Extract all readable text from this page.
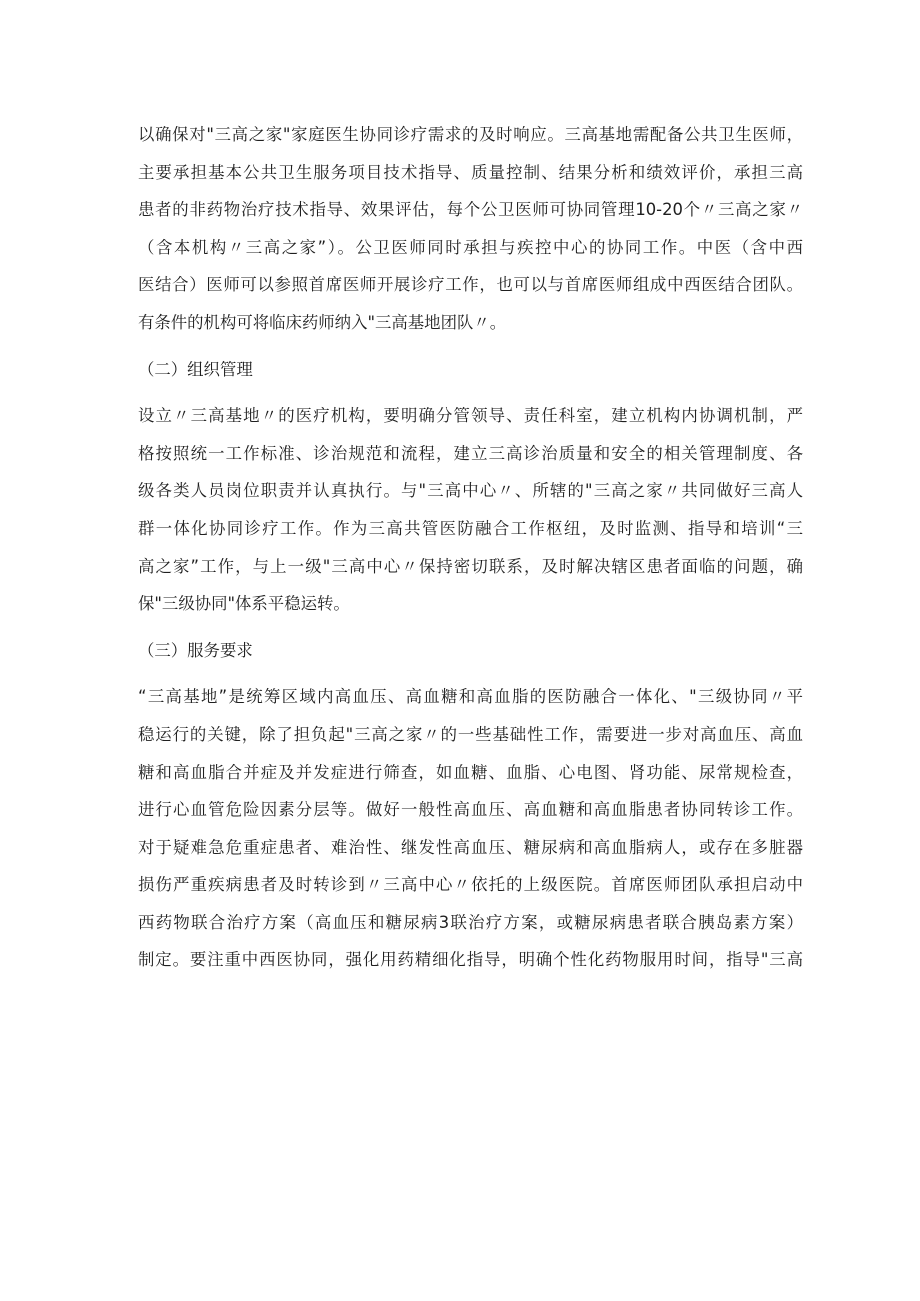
以确保对"三高之家"家庭医生协同诊疗需求的及时响应。三高基地需配备公共卫生医师，
主要承担基本公共卫生服务项目技术指导、质量控制、结果分析和绩效评价，承担三高
患者的非药物治疗技术指导、效果评估，每个公卫医师可协同管理10-20个〃三高之家〃
（含本机构〃三高之家”）。公卫医师同时承担与疾控中心的协同工作。中医（含中西
医结合）医师可以参照首席医师开展诊疗工作，也可以与首席医师组成中西医结合团队。
有条件的机构可将临床药师纳入"三高基地团队〃。
（二）组织管理
设立〃三高基地〃的医疗机构，要明确分管领导、责任科室，建立机构内协调机制，严
格按照统一工作标准、诊治规范和流程，建立三高诊治质量和安全的相关管理制度、各
级各类人员岗位职责并认真执行。与"三高中心〃、所辖的"三高之家〃共同做好三高人
群一体化协同诊疗工作。作为三高共管医防融合工作枢纽，及时监测、指导和培训“三
高之家”工作，与上一级"三高中心〃保持密切联系，及时解决辖区患者面临的问题，确
保"三级协同"体系平稳运转。
（三）服务要求
“三高基地”是统筹区域内高血压、高血糖和高血脂的医防融合一体化、"三级协同〃平
稳运行的关键，除了担负起"三高之家〃的一些基础性工作，需要进一步对高血压、高血
糖和高血脂合并症及并发症进行筛查，如血糖、血脂、心电图、肾功能、尿常规检查，
进行心血管危险因素分层等。做好一般性高血压、高血糖和高血脂患者协同转诊工作。
对于疑难急危重症患者、难治性、继发性高血压、糖尿病和高血脂病人，或存在多脏器
损伤严重疾病患者及时转诊到〃三高中心〃依托的上级医院。首席医师团队承担启动中
西药物联合治疗方案（高血压和糖尿病3联治疗方案，或糖尿病患者联合胰岛素方案）
制定。要注重中西医协同，强化用药精细化指导，明确个性化药物服用时间，指导"三高
